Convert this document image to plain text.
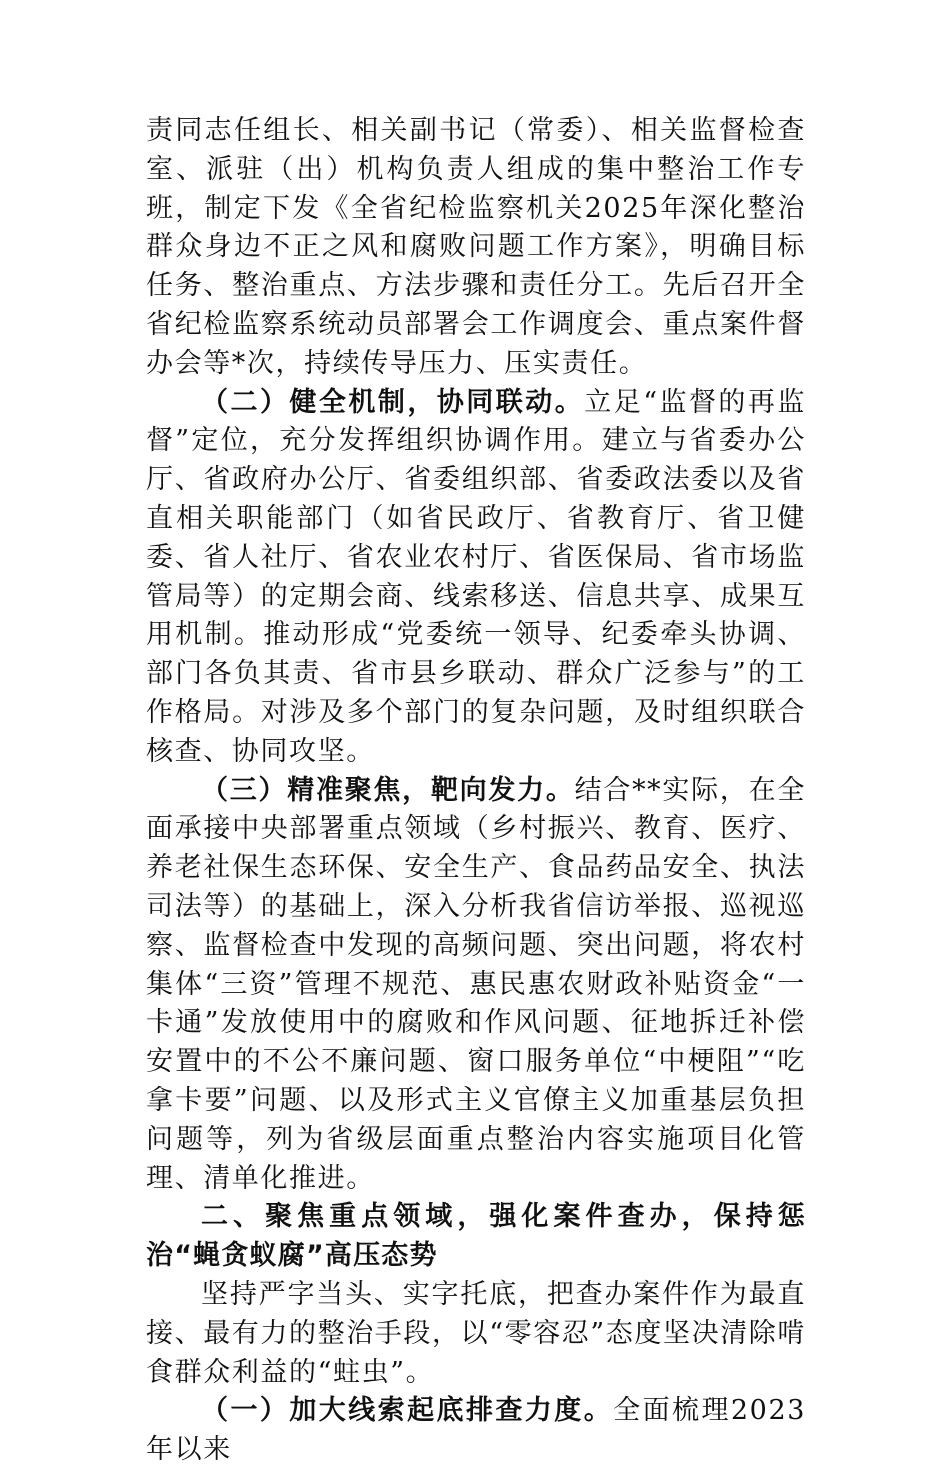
责同志任组长、相关副书记（常委）、相关监督检查室、派驻（出）机构负责人组成的集中整治工作专班，制定下发《全省纪检监察机关2025年深化整治群众身边不正之风和腐败问题工作方案》，明确目标任务、整治重点、方法步骤和责任分工。先后召开全省纪检监察系统动员部署会工作调度会、重点案件督办会等*次，持续传导压力、压实责任。

（二）健全机制，协同联动。立足“监督的再监督”定位，充分发挥组织协调作用。建立与省委办公厅、省政府办公厅、省委组织部、省委政法委以及省直相关职能部门（如省民政厅、省教育厅、省卫健委、省人社厅、省农业农村厅、省医保局、省市场监管局等）的定期会商、线索移送、信息共享、成果互用机制。推动形成“党委统一领导、纪委牵头协调、部门各负其责、省市县乡联动、群众广泛参与”的工作格局。对涉及多个部门的复杂问题，及时组织联合核查、协同攻坚。

（三）精准聚焦，靶向发力。结合**实际，在全面承接中央部署重点领域（乡村振兴、教育、医疗、养老社保生态环保、安全生产、食品药品安全、执法司法等）的基础上，深入分析我省信访举报、巡视巡察、监督检查中发现的高频问题、突出问题，将农村集体“三资”管理不规范、惠民惠农财政补贴资金“一卡通”发放使用中的腐败和作风问题、征地拆迁补偿安置中的不公不廉问题、窗口服务单位“中梗阻”“吃拿卡要”问题、以及形式主义官僚主义加重基层负担问题等，列为省级层面重点整治内容实施项目化管理、清单化推进。

二、聚焦重点领域，强化案件查办，保持惩治“蝇贪蚁腐”高压态势

坚持严字当头、实字托底，把查办案件作为最直接、最有力的整治手段，以“零容忍”态度坚决清除啃食群众利益的“蛀虫”。

（一）加大线索起底排查力度。全面梳理2023年以来
